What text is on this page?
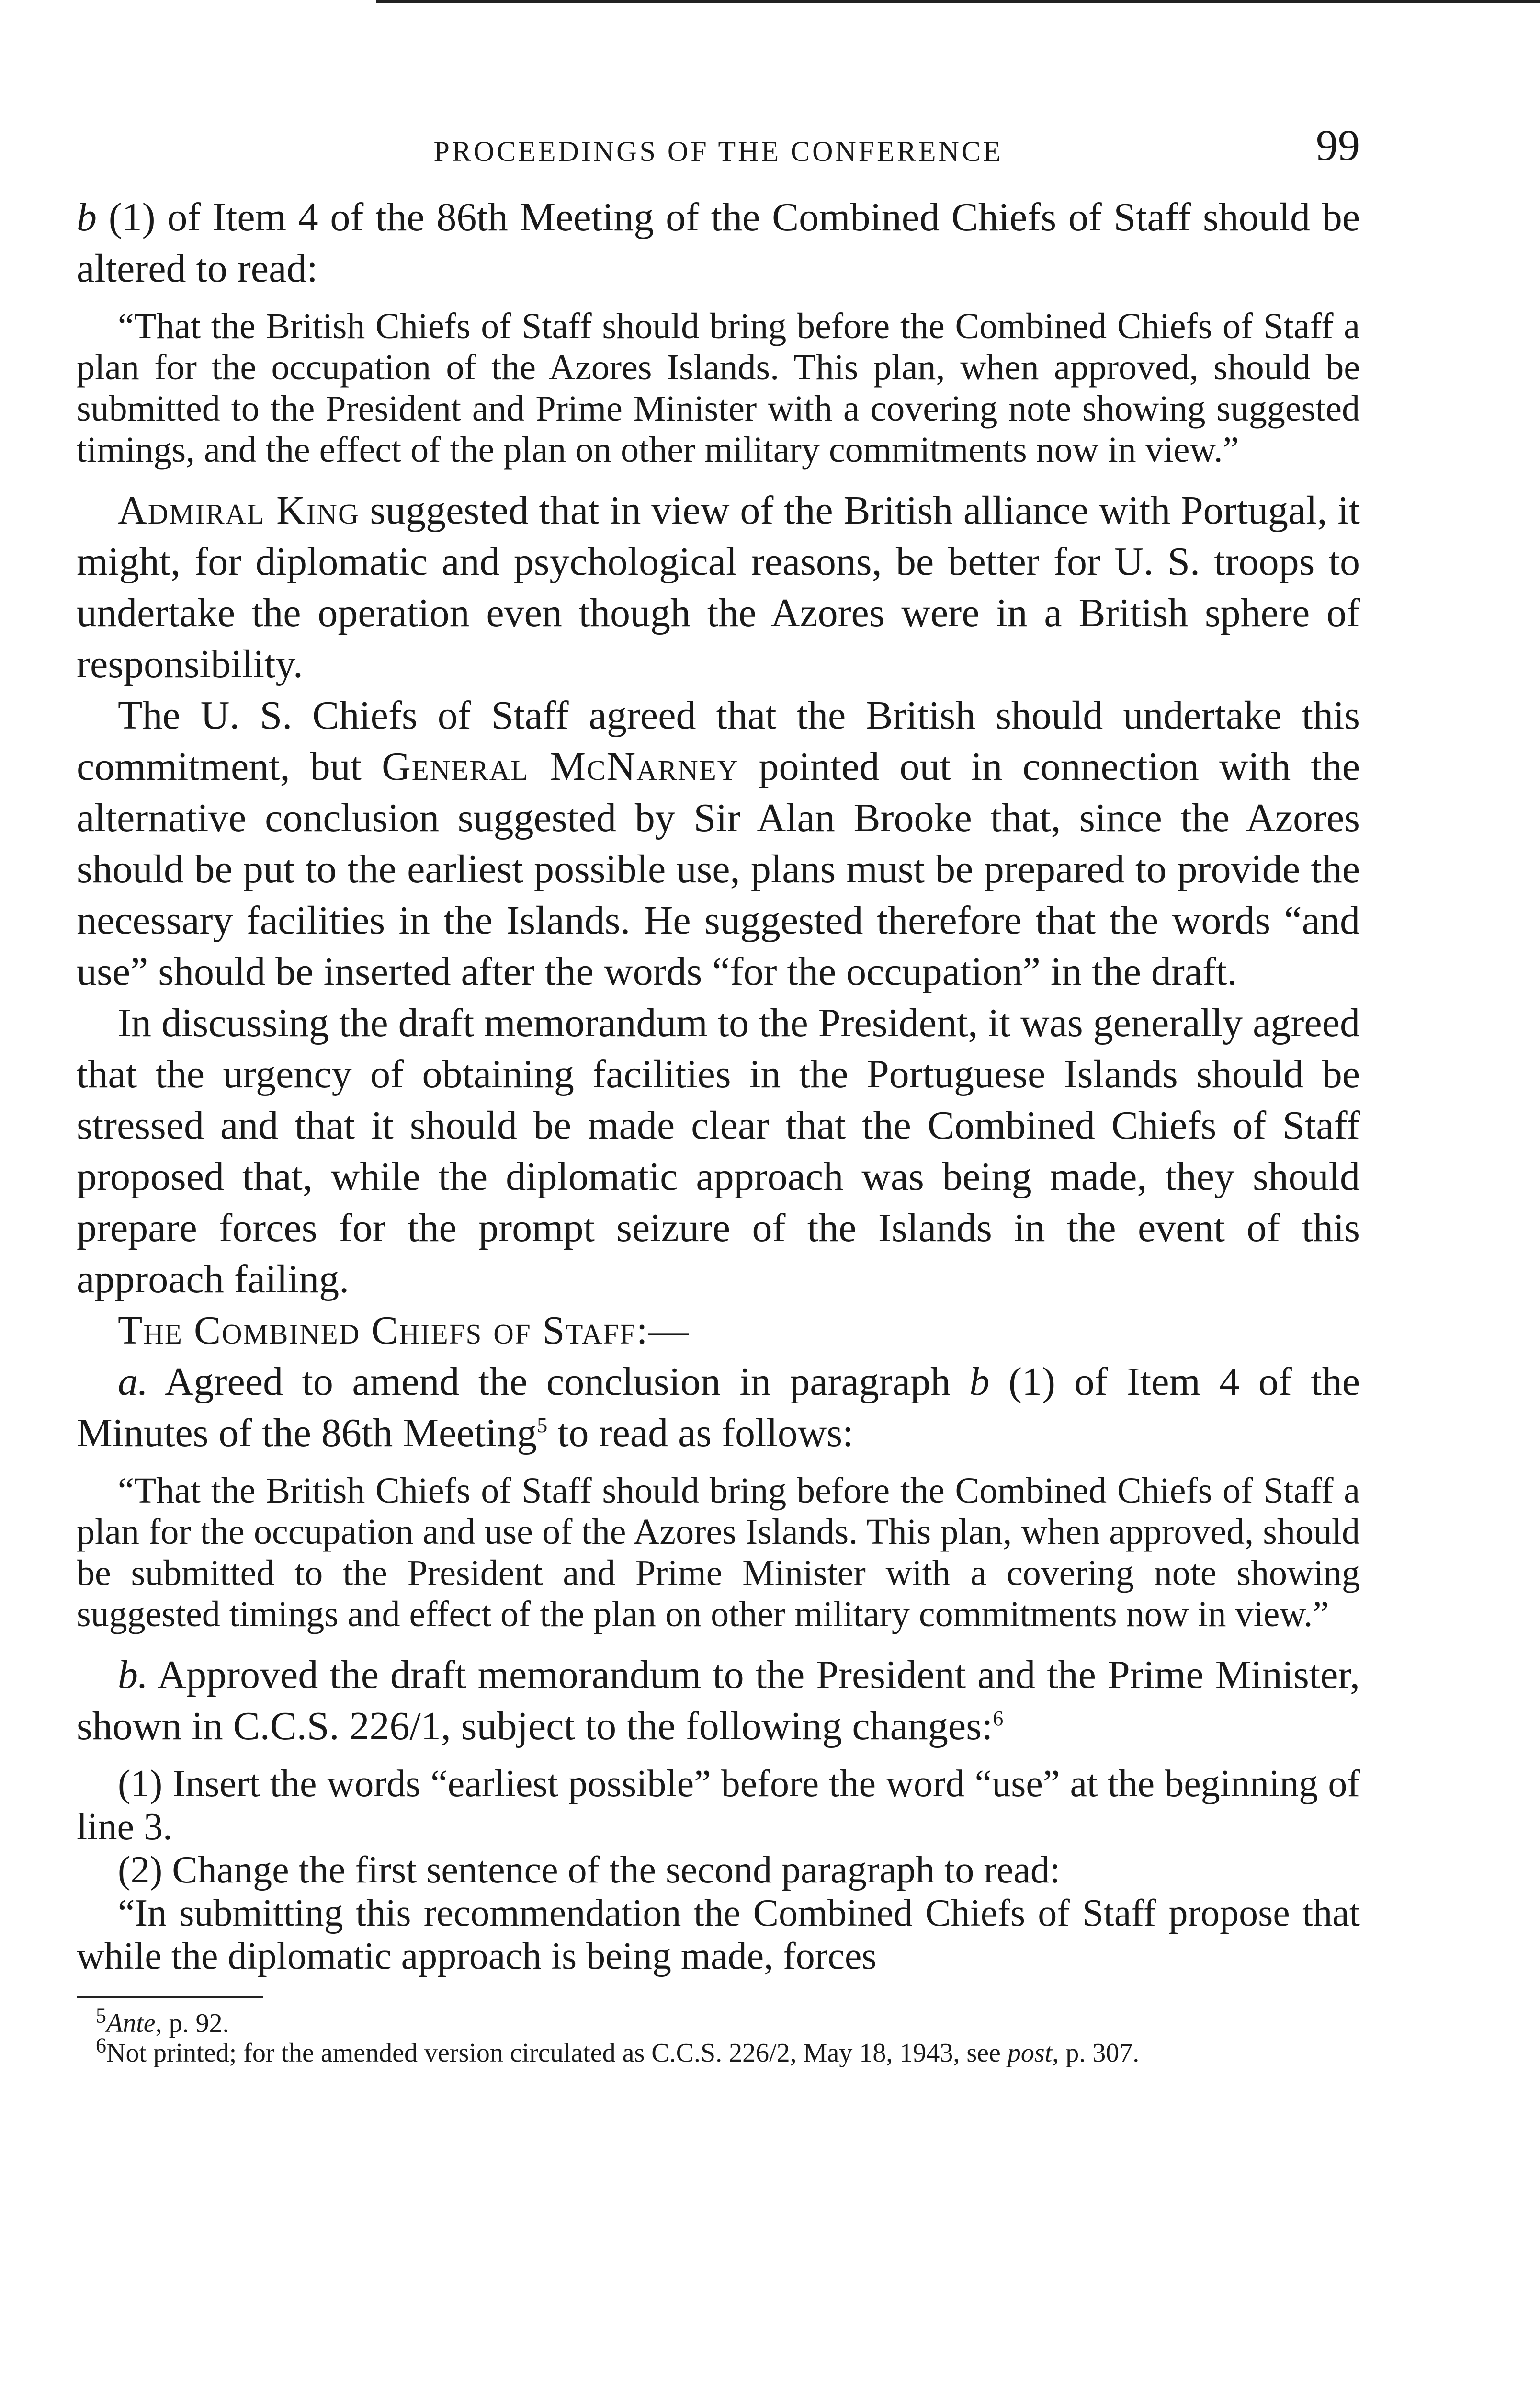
PROCEEDINGS OF THE CONFERENCE	99

b (1) of Item 4 of the 86th Meeting of the Combined Chiefs of Staff should be altered to read:

“That the British Chiefs of Staff should bring before the Combined Chiefs of Staff a plan for the occupation of the Azores Islands. This plan, when approved, should be submitted to the President and Prime Minister with a covering note showing suggested timings, and the effect of the plan on other military commitments now in view.”

Admiral King suggested that in view of the British alliance with Portugal, it might, for diplomatic and psychological reasons, be better for U. S. troops to undertake the operation even though the Azores were in a British sphere of responsibility.

The U. S. Chiefs of Staff agreed that the British should undertake this commitment, but General McNarney pointed out in connection with the alternative conclusion suggested by Sir Alan Brooke that, since the Azores should be put to the earliest possible use, plans must be prepared to provide the necessary facilities in the Islands. He suggested therefore that the words “and use” should be inserted after the words “for the occupation” in the draft.

In discussing the draft memorandum to the President, it was generally agreed that the urgency of obtaining facilities in the Portuguese Islands should be stressed and that it should be made clear that the Combined Chiefs of Staff proposed that, while the diplomatic approach was being made, they should prepare forces for the prompt seizure of the Islands in the event of this approach failing.

The Combined Chiefs of Staff:—

a. Agreed to amend the conclusion in paragraph b (1) of Item 4 of the Minutes of the 86th Meeting$^5$ to read as follows:

“That the British Chiefs of Staff should bring before the Combined Chiefs of Staff a plan for the occupation and use of the Azores Islands. This plan, when approved, should be submitted to the President and Prime Minister with a covering note showing suggested timings and effect of the plan on other military commitments now in view.”

b. Approved the draft memorandum to the President and the Prime Minister, shown in C.C.S. 226/1, subject to the following changes:$^6$

(1) Insert the words “earliest possible” before the word “use” at the beginning of line 3.

(2) Change the first sentence of the second paragraph to read:

“In submitting this recommendation the Combined Chiefs of Staff propose that while the diplomatic approach is being made, forces

$^5$Ante, p. 92.

$^6$Not printed; for the amended version circulated as C.C.S. 226/2, May 18, 1943, see post, p. 307.
